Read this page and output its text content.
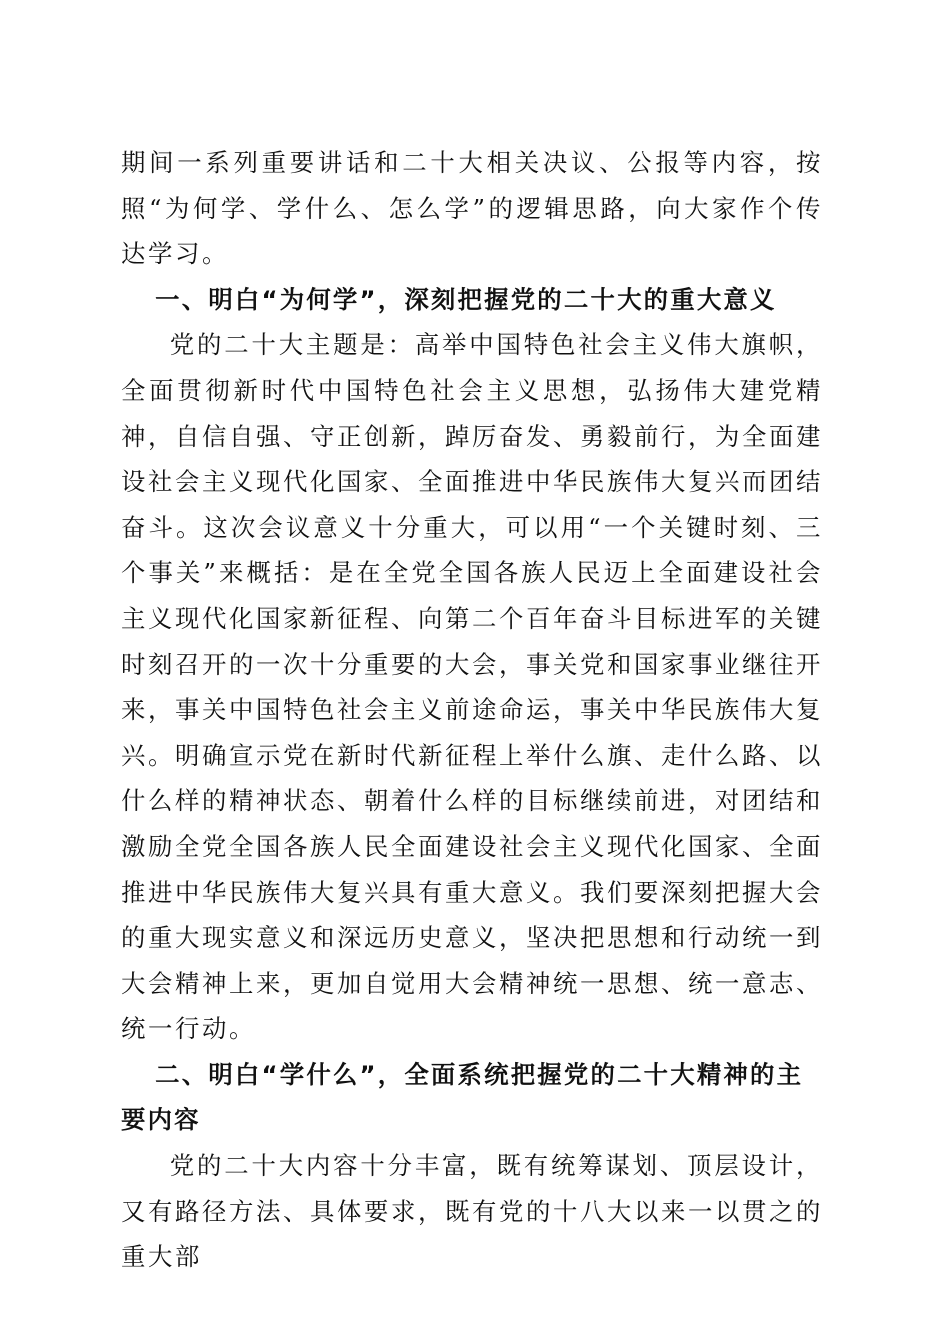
期间一系列重要讲话和二十大相关决议、公报等内容，按照“为何学、学什么、怎么学”的逻辑思路，向大家作个传达学习。

一、明白“为何学”，深刻把握党的二十大的重大意义

党的二十大主题是：高举中国特色社会主义伟大旗帜，全面贯彻新时代中国特色社会主义思想，弘扬伟大建党精神，自信自强、守正创新，踔厉奋发、勇毅前行，为全面建设社会主义现代化国家、全面推进中华民族伟大复兴而团结奋斗。这次会议意义十分重大，可以用“一个关键时刻、三个事关”来概括：是在全党全国各族人民迈上全面建设社会主义现代化国家新征程、向第二个百年奋斗目标进军的关键时刻召开的一次十分重要的大会，事关党和国家事业继往开来，事关中国特色社会主义前途命运，事关中华民族伟大复兴。明确宣示党在新时代新征程上举什么旗、走什么路、以什么样的精神状态、朝着什么样的目标继续前进，对团结和激励全党全国各族人民全面建设社会主义现代化国家、全面推进中华民族伟大复兴具有重大意义。我们要深刻把握大会的重大现实意义和深远历史意义，坚决把思想和行动统一到大会精神上来，更加自觉用大会精神统一思想、统一意志、统一行动。

二、明白“学什么”，全面系统把握党的二十大精神的主要内容

党的二十大内容十分丰富，既有统筹谋划、顶层设计，又有路径方法、具体要求，既有党的十八大以来一以贯之的重大部
